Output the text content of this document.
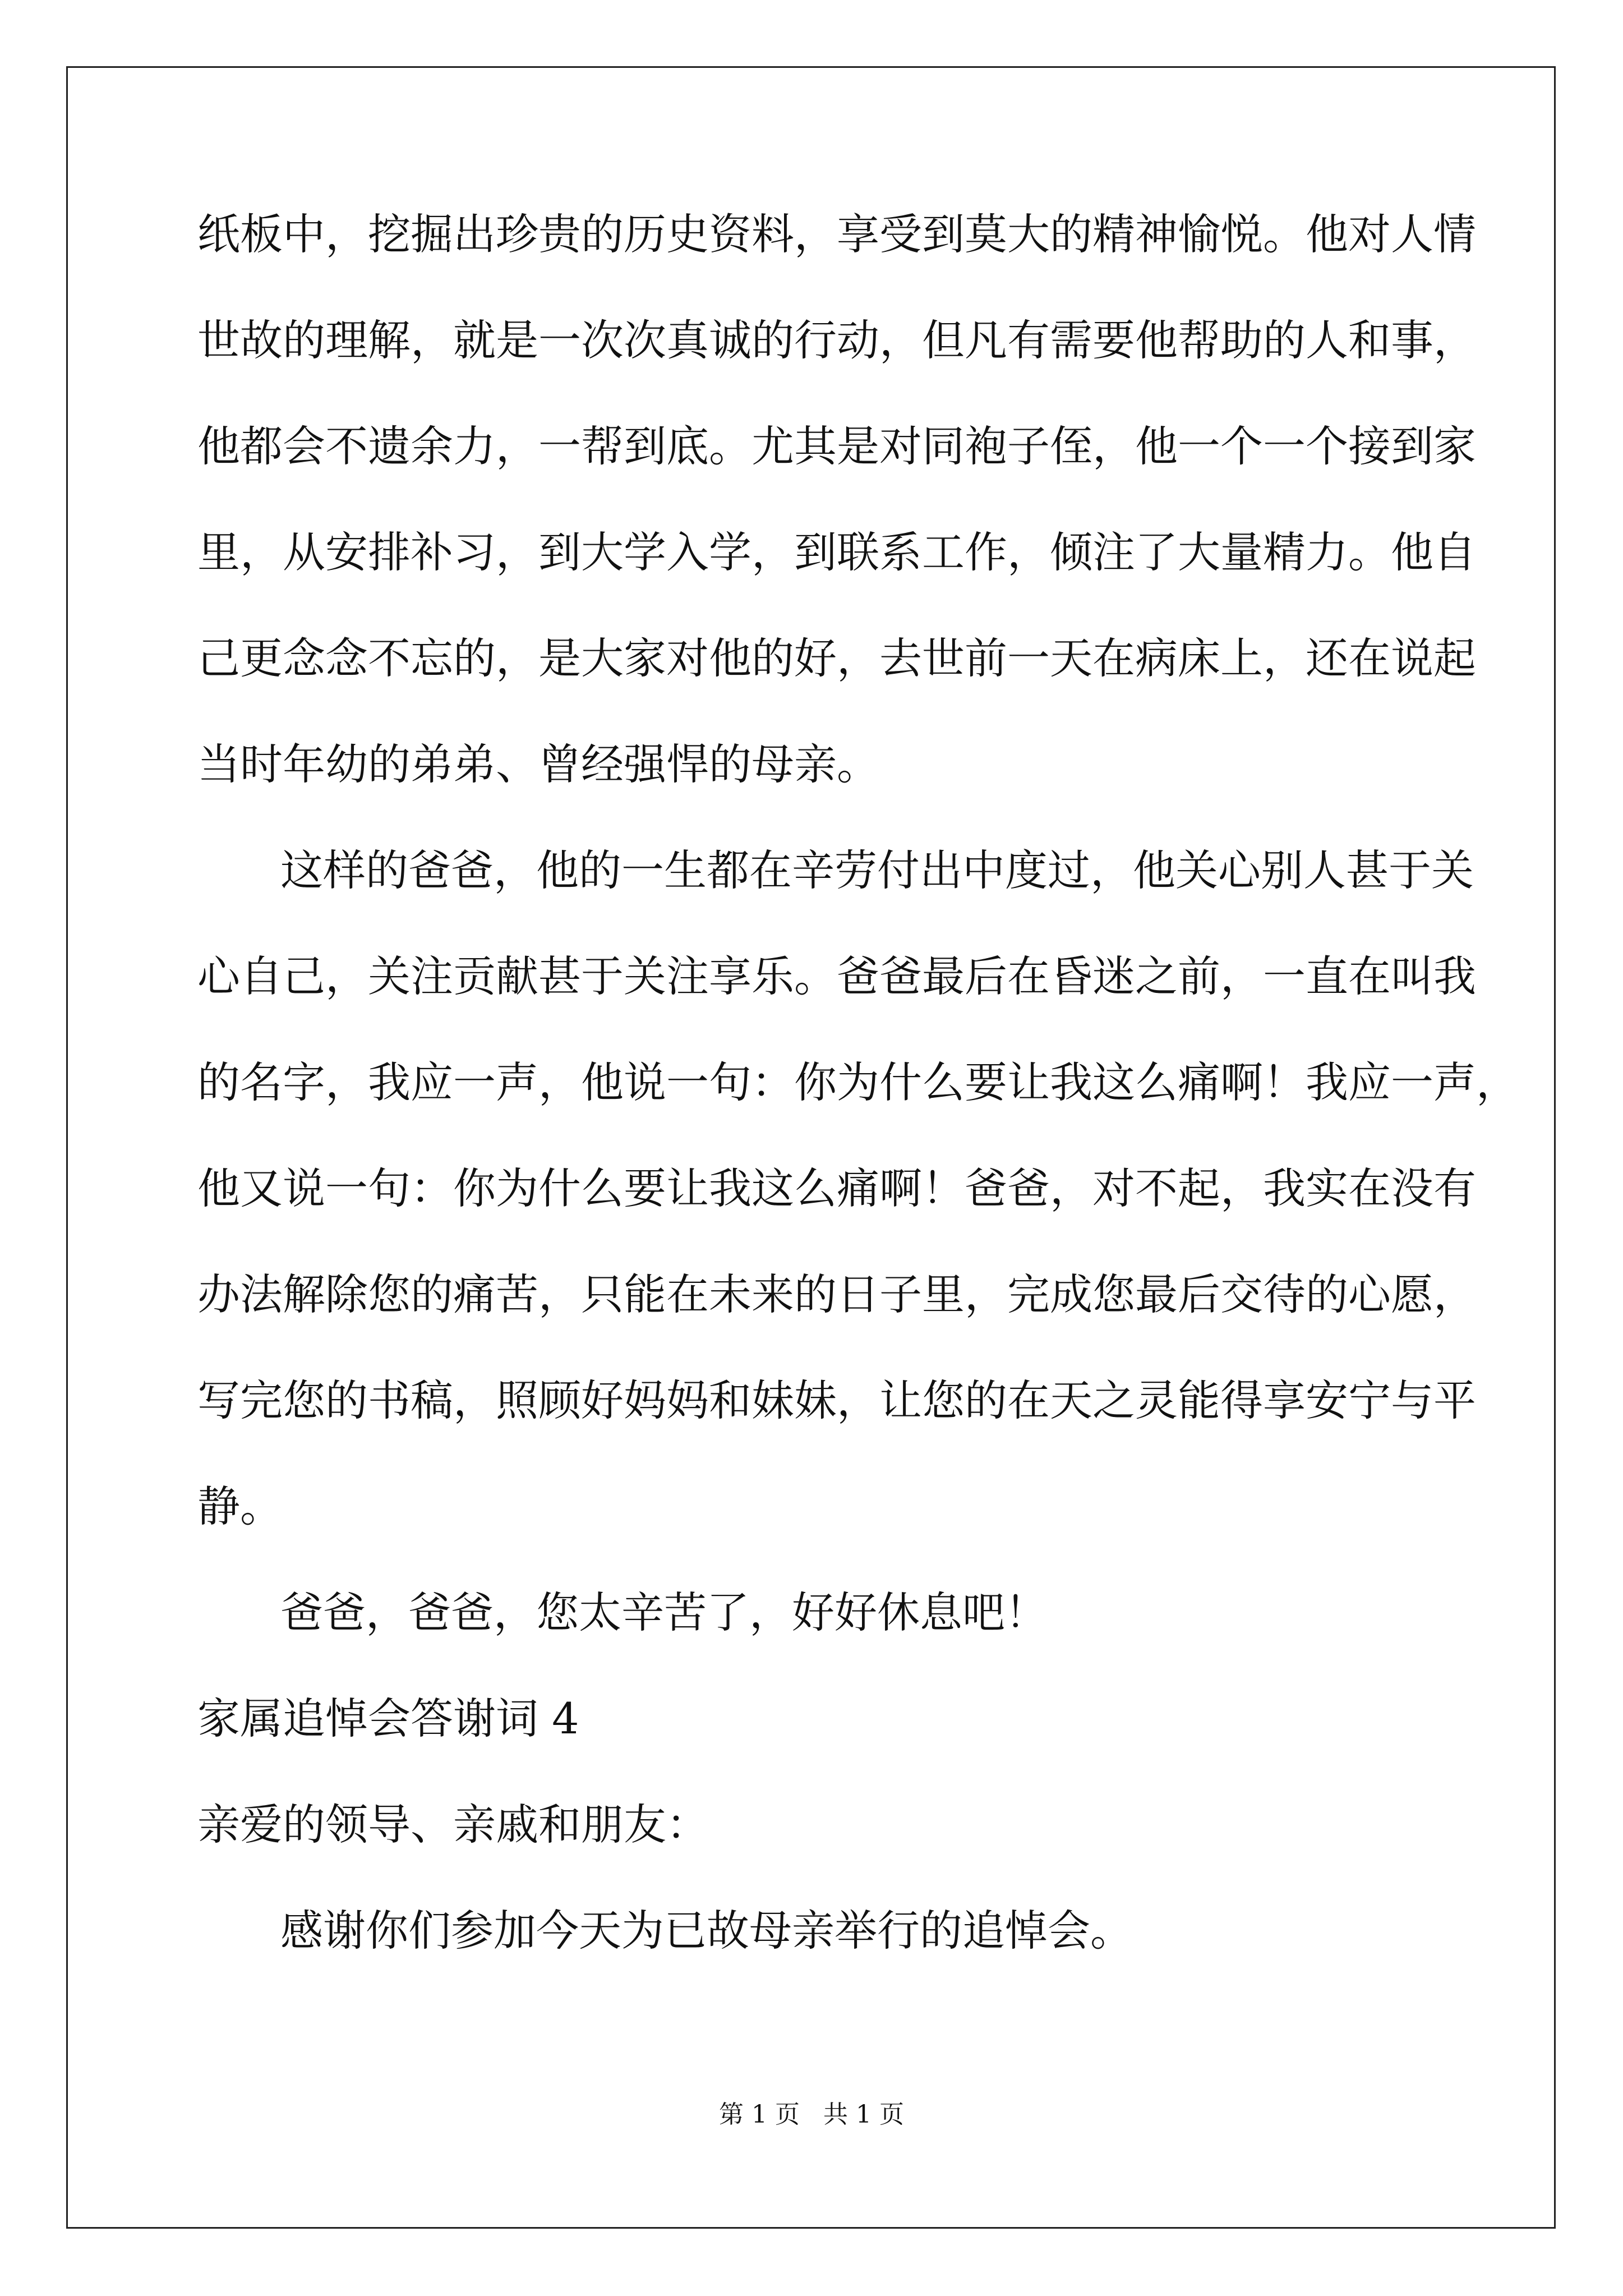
纸板中，挖掘出珍贵的历史资料，享受到莫大的精神愉悦。他对人情
世故的理解，就是一次次真诚的行动，但凡有需要他帮助的人和事，
他都会不遗余力，一帮到底。尤其是对同袍子侄，他一个一个接到家
里，从安排补习，到大学入学，到联系工作，倾注了大量精力。他自
己更念念不忘的，是大家对他的好，去世前一天在病床上，还在说起
当时年幼的弟弟、曾经强悍的母亲。
这样的爸爸，他的一生都在辛劳付出中度过，他关心别人甚于关
心自己，关注贡献甚于关注享乐。爸爸最后在昏迷之前，一直在叫我
的名字，我应一声，他说一句：你为什么要让我这么痛啊！我应一声，
他又说一句：你为什么要让我这么痛啊！爸爸，对不起，我实在没有
办法解除您的痛苦，只能在未来的日子里，完成您最后交待的心愿，
写完您的书稿，照顾好妈妈和妹妹，让您的在天之灵能得享安宁与平
静。
爸爸，爸爸，您太辛苦了，好好休息吧！
家属追悼会答谢词 4
亲爱的领导、亲戚和朋友：
感谢你们参加今天为已故母亲举行的追悼会。
第 1 页   共 1 页
